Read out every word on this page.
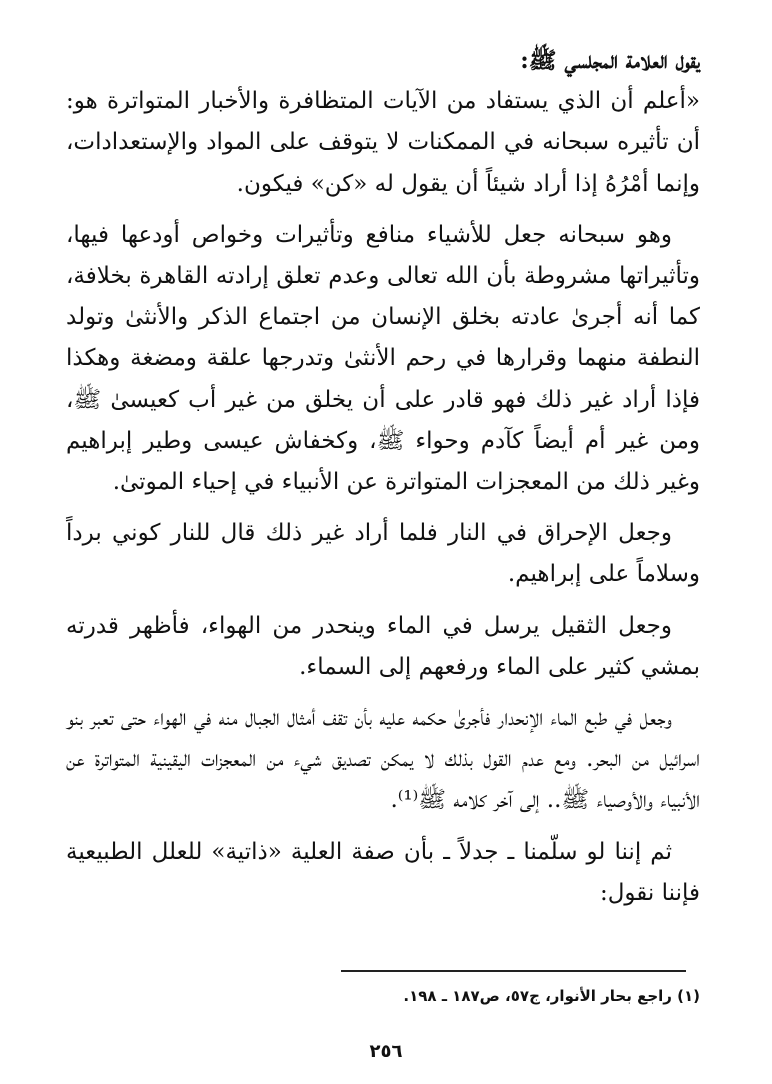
يقول العلامة المجلسي ﷺ:

«أعلم أن الذي يستفاد من الآيات المتظافرة والأخبار المتواترة هو: أن تأثيره سبحانه في الممكنات لا يتوقف على المواد والإستعدادات، وإنما أمْرُهُ إذا أراد شيئاً أن يقول له «كن» فيكون.

وهو سبحانه جعل للأشياء منافع وتأثيرات وخواص أودعها فيها، وتأثيراتها مشروطة بأن الله تعالى وعدم تعلق إرادته القاهرة بخلافة، كما أنه أجرىٰ عادته بخلق الإنسان من اجتماع الذكر والأنثىٰ وتولد النطفة منهما وقرارها في رحم الأنثىٰ وتدرجها علقة ومضغة وهكذا فإذا أراد غير ذلك فهو قادر على أن يخلق من غير أب كعيسىٰ ﷺ، ومن غير أم أيضاً كآدم وحواء ﷺ، وكخفاش عيسى وطير إبراهيم وغير ذلك من المعجزات المتواترة عن الأنبياء في إحياء الموتىٰ.

وجعل الإحراق في النار فلما أراد غير ذلك قال للنار كوني برداً وسلاماً على إبراهيم.

وجعل الثقيل يرسل في الماء وينحدر من الهواء، فأظهر قدرته بمشي كثير على الماء ورفعهم إلى السماء.

وجعل في طبع الماء الإنحدار فأجرىٰ حكمه عليه بأن تقف أمثال الجبال منه في الهواء حتى تعبر بنو اسرائيل من البحر. ومع عدم القول بذلك لا يمكن تصديق شيء من المعجزات اليقينية المتواترة عن الأنبياء والأوصياء ﷺ.. إلى آخر كلامه ﷺ⁽¹⁾.

ثم إننا لو سلّمنا ـ جدلاً ـ بأن صفة العلية «ذاتية» للعلل الطبيعية فإننا نقول:

(١) راجع بحار الأنوار، ج٥٧، ص١٨٧ ـ ١٩٨.
٢٥٦
